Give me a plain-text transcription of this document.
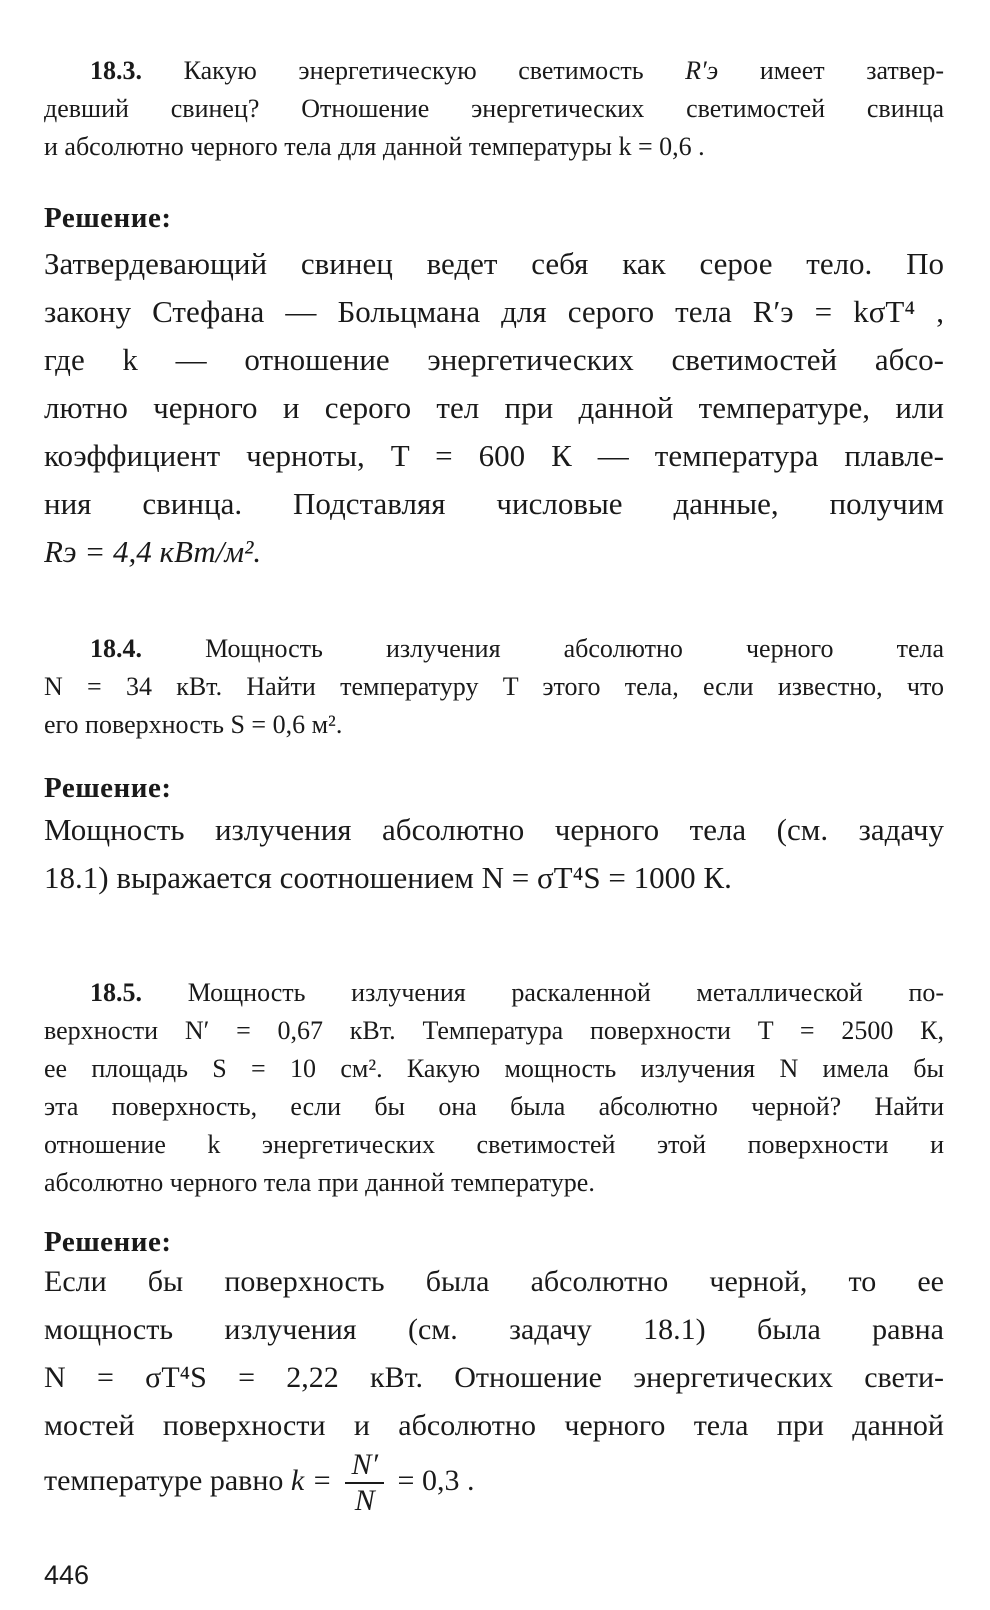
18.3. Какую энергетическую светимость R′э имеет затвер-
девший свинец? Отношение энергетических светимостей свинца
и абсолютно черного тела для данной температуры k = 0,6 .
Решение:
Затвердевающий свинец ведет себя как серое тело. По
закону Стефана — Больцмана для серого тела R′э = kσT⁴ ,
где k — отношение энергетических светимостей абсо-
лютно черного и серого тел при данной температуре, или
коэффициент черноты, T = 600 К — температура плавле-
ния свинца. Подставляя числовые данные, получим
Rэ = 4,4 кВт/м².
18.4. Мощность излучения абсолютно черного тела
N = 34 кВт. Найти температуру T этого тела, если известно, что
его поверхность S = 0,6 м².
Решение:
Мощность излучения абсолютно черного тела (см. задачу
18.1) выражается соотношением N = σT⁴S = 1000 К.
18.5. Мощность излучения раскаленной металлической по-
верхности N′ = 0,67 кВт. Температура поверхности T = 2500 К,
ее площадь S = 10 см². Какую мощность излучения N имела бы
эта поверхность, если бы она была абсолютно черной? Найти
отношение k энергетических светимостей этой поверхности и
абсолютно черного тела при данной температуре.
Решение:
Если бы поверхность была абсолютно черной, то ее
мощность излучения (см. задачу 18.1) была равна
N = σT⁴S = 2,22 кВт. Отношение энергетических свети-
мостей поверхности и абсолютно черного тела при данной
температуре равно $k = \frac{N'}{N} = 0,3$ .
446
